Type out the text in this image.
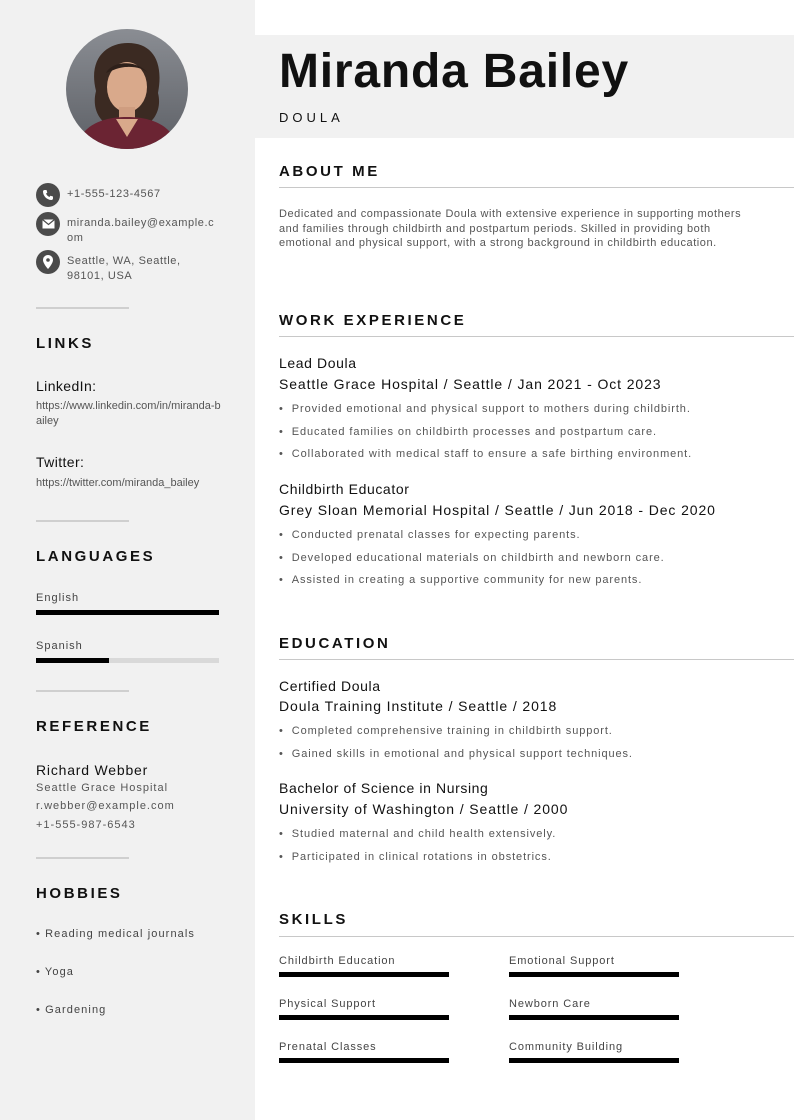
+1-555-123-4567
miranda.bailey@example.com
Seattle, WA, Seattle, 98101, USA
LINKS
LinkedIn:
https://www.linkedin.com/in/miranda-bailey
Twitter:
https://twitter.com/miranda_bailey
LANGUAGES
English
Spanish
REFERENCE
Richard Webber
Seattle Grace Hospital
r.webber@example.com
+1-555-987-6543
HOBBIES
• Reading medical journals
• Yoga
• Gardening
Miranda Bailey
DOULA
ABOUT ME
Dedicated and compassionate Doula with extensive experience in supporting mothers and families through childbirth and postpartum periods. Skilled in providing both emotional and physical support, with a strong background in childbirth education.
WORK EXPERIENCE
Lead Doula
Seattle Grace Hospital / Seattle / Jan 2021 - Oct 2023
• Provided emotional and physical support to mothers during childbirth.
• Educated families on childbirth processes and postpartum care.
• Collaborated with medical staff to ensure a safe birthing environment.
Childbirth Educator
Grey Sloan Memorial Hospital / Seattle / Jun 2018 - Dec 2020
• Conducted prenatal classes for expecting parents.
• Developed educational materials on childbirth and newborn care.
• Assisted in creating a supportive community for new parents.
EDUCATION
Certified Doula
Doula Training Institute / Seattle / 2018
• Completed comprehensive training in childbirth support.
• Gained skills in emotional and physical support techniques.
Bachelor of Science in Nursing
University of Washington / Seattle / 2000
• Studied maternal and child health extensively.
• Participated in clinical rotations in obstetrics.
SKILLS
Childbirth Education	Emotional Support
Physical Support	Newborn Care
Prenatal Classes	Community Building
